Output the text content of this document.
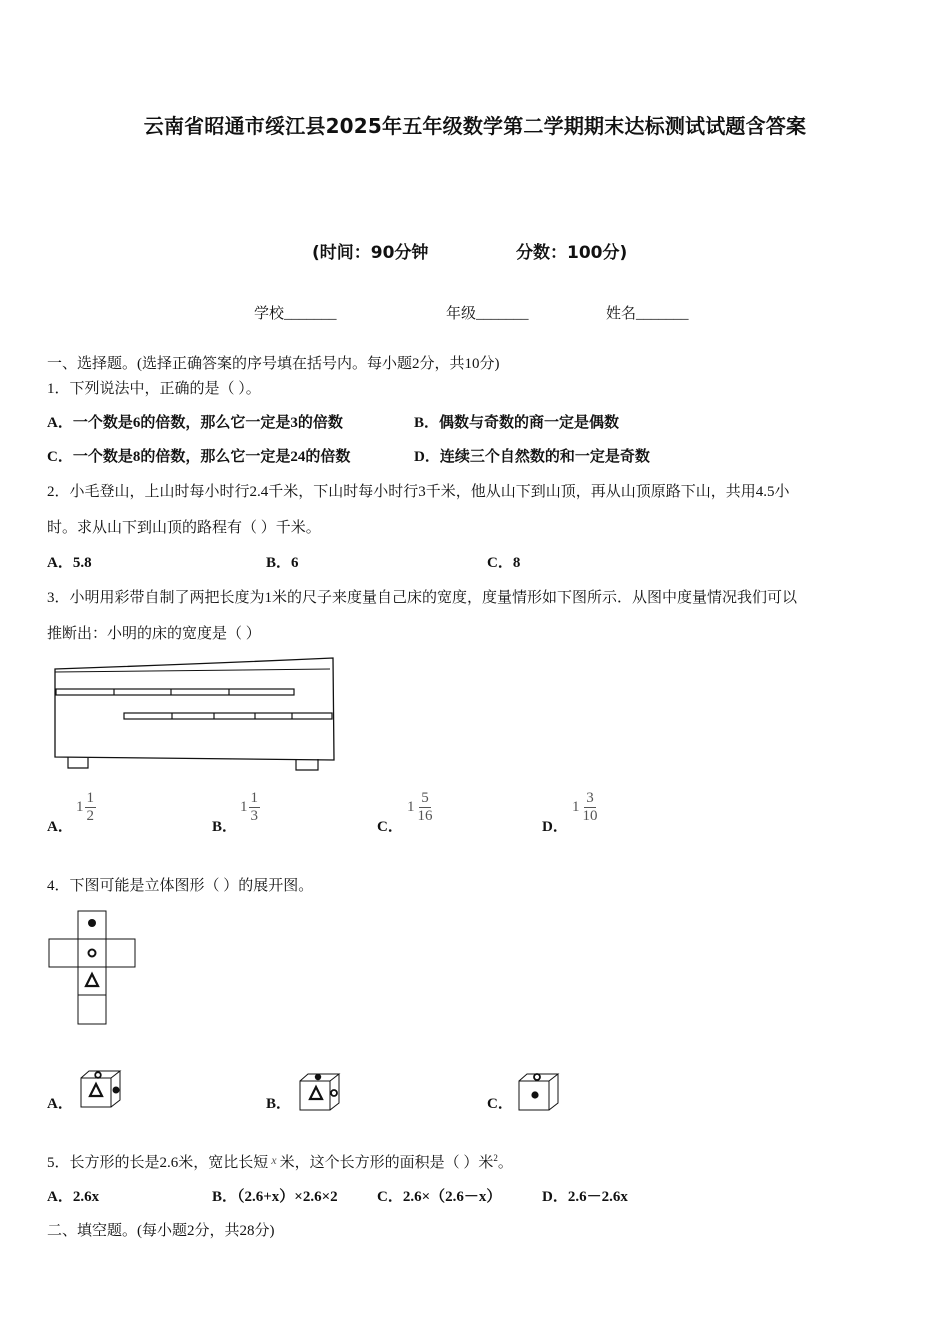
云南省昭通市绥江县2025年五年级数学第二学期期末达标测试试题含答案
(时间：90分钟	分数：100分)
学校_______	年级_______	姓名_______
一、选择题。(选择正确答案的序号填在括号内。每小题2分，共10分)
1．下列说法中，正确的是（ ）。
A．一个数是6的倍数，那么它一定是3的倍数	B．偶数与奇数的商一定是偶数
C．一个数是8的倍数，那么它一定是24的倍数	D．连续三个自然数的和一定是奇数
2．小毛登山，上山时每小时行2.4千米，下山时每小时行3千米，他从山下到山顶，再从山顶原路下山，共用4.5小
时。求从山下到山顶的路程有（ ）千米。
A．5.8	B．6	C．8
3．小明用彩带自制了两把长度为1米的尺子来度量自己床的宽度，度量情形如下图所示．从图中度量情况我们可以
推断出：小明的床的宽度是（ ）
A．
$1 \frac{1}{2}$
B．
$1 \frac{1}{3}$
C．
$1 \frac{5}{16}$
D．
$1 \frac{3}{10}$
4．下图可能是立体图形（ ）的展开图。
A．	B．	C．
5．长方形的长是2.6米，宽比长短 $^x$ 米，这个长方形的面积是（ ）米$^2$。
A．2.6x	B．（2.6+x）×2.6×2	C．2.6×（2.6－x）	D．2.6－2.6x
二、填空题。(每小题2分，共28分)
